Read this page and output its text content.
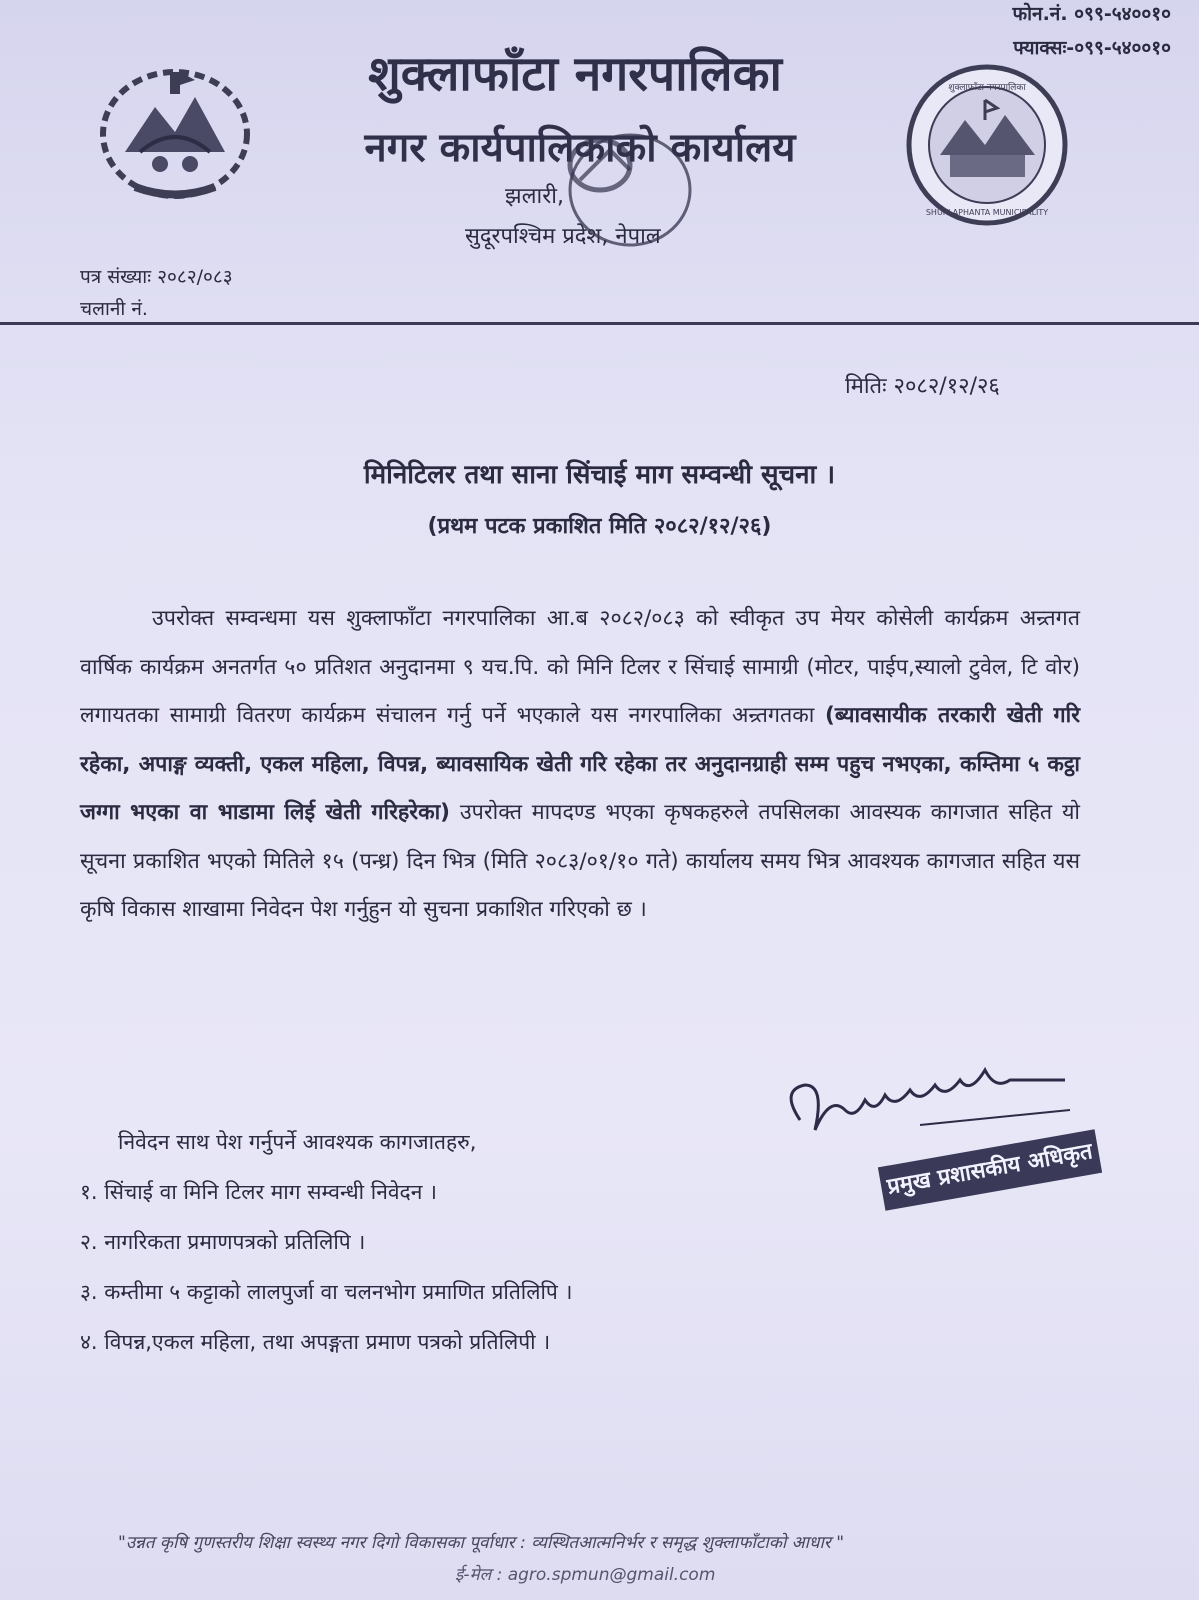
शुक्लाफाँटा नगरपालिका
SHUKLAPHANTA MUNICIPALITY
शुक्लाफाँटा नगरपालिका
नगर कार्यपालिकाको कार्यालय
झलारी,
सुदूरपश्चिम प्रदेश, नेपाल
फोन.नं. ०९९-५४००१०
फ्याक्सः-०९९-५४००१०
पत्र संख्याः २०८२/०८३
चलानी नं.
मितिः २०८२/१२/२६
मिनिटिलर तथा साना सिंचाई माग सम्वन्धी सूचना ।
(प्रथम पटक प्रकाशित मिति २०८२/१२/२६)
उपरोक्त सम्वन्धमा यस शुक्लाफाँटा नगरपालिका आ.ब २०८२/०८३ को स्वीकृत उप मेयर कोसेली कार्यक्रम अन्र्तगत वार्षिक कार्यक्रम अनतर्गत ५० प्रतिशत अनुदानमा ९ यच.पि. को मिनि टिलर र सिंचाई सामाग्री (मोटर, पाईप,स्यालो टुवेल, टि वोर) लगायतका सामाग्री वितरण कार्यक्रम संचालन गर्नु पर्ने भएकाले यस नगरपालिका अन्र्तगतका (ब्यावसायीक तरकारी खेती गरि रहेका, अपाङ्ग व्यक्ती, एकल महिला, विपन्न, ब्यावसायिक खेती गरि रहेका तर अनुदानग्राही सम्म पहुच नभएका, कम्तिमा ५ कट्ठा जग्गा भएका वा भाडामा लिई खेती गरिहरेका) उपरोक्त मापदण्ड भएका कृषकहरुले तपसिलका आवस्यक कागजात सहित यो सूचना प्रकाशित भएको मितिले १५ (पन्ध्र) दिन भित्र (मिति २०८३/०१/१० गते) कार्यालय समय भित्र आवश्यक कागजात सहित यस कृषि विकास शाखामा निवेदन पेश गर्नुहुन यो सुचना प्रकाशित गरिएको छ ।
निवेदन साथ पेश गर्नुपर्ने आवश्यक कागजातहरु,
१. सिंचाई वा मिनि टिलर माग सम्वन्धी निवेदन ।
२. नागरिकता प्रमाणपत्रको प्रतिलिपि ।
३. कम्तीमा ५ कट्टाको लालपुर्जा वा चलनभोग प्रमाणित प्रतिलिपि ।
४. विपन्न,एकल महिला, तथा अपङ्गता प्रमाण पत्रको प्रतिलिपी ।
प्रमुख प्रशासकीय अधिकृत
"उन्नत कृषि गुणस्तरीय शिक्षा स्वस्थ्य नगर दिगो विकासका पूर्वाधार : व्यस्थितआत्मनिर्भर र समृद्ध शुक्लाफाँटाको आधार "
ई-मेल : agro.spmun@gmail.com
